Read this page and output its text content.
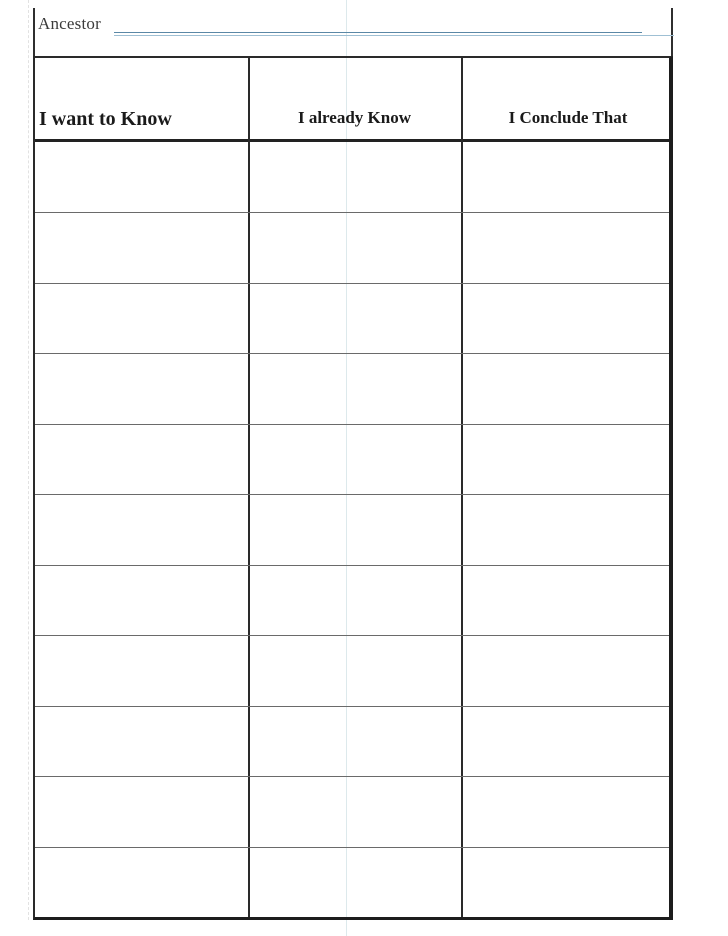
Ancestor
I want to Know	I already Know	I Conclude That
